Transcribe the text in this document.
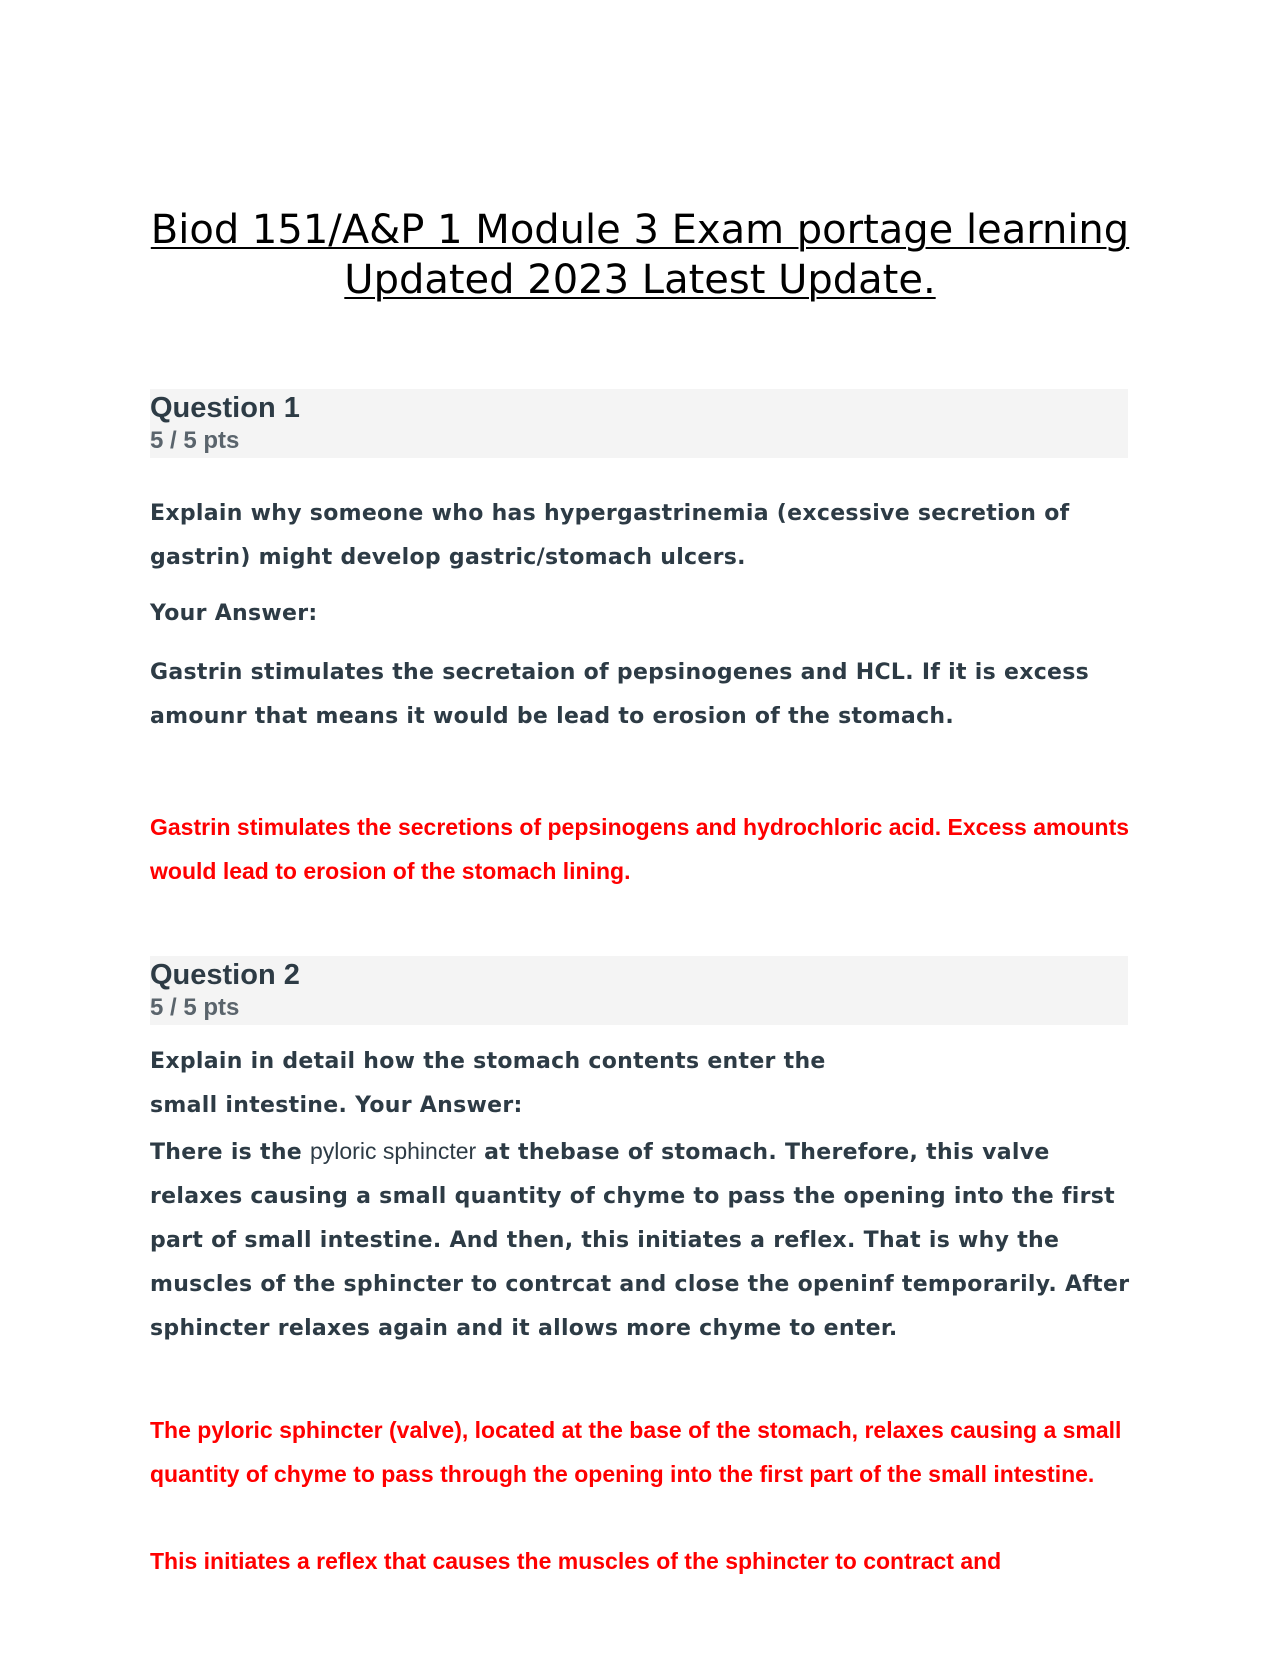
Biod 151/A&P 1 Module 3 Exam portage learning Updated 2023 Latest Update.

Question 1

5 / 5 pts

Explain why someone who has hypergastrinemia (excessive secretion of gastrin) might develop gastric/stomach ulcers.

Your Answer:

Gastrin stimulates the secretaion of pepsinogenes and HCL. If it is excess amounr that means it would be lead to erosion of the stomach.

Gastrin stimulates the secretions of pepsinogens and hydrochloric acid. Excess amounts would lead to erosion of the stomach lining.

Question 2

5 / 5 pts

Explain in detail how the stomach contents enter the

small intestine. Your Answer:

There is the pyloric sphincter at thebase of stomach. Therefore, this valve relaxes causing a small quantity of chyme to pass the opening into the first part of small intestine. And then, this initiates a reflex. That is why the muscles of the sphincter to contrcat and close the openinf temporarily. After sphincter relaxes again and it allows more chyme to enter.

The pyloric sphincter (valve), located at the base of the stomach, relaxes causing a small quantity of chyme to pass through the opening into the first part of the small intestine.

This initiates a reflex that causes the muscles of the sphincter to contract and
